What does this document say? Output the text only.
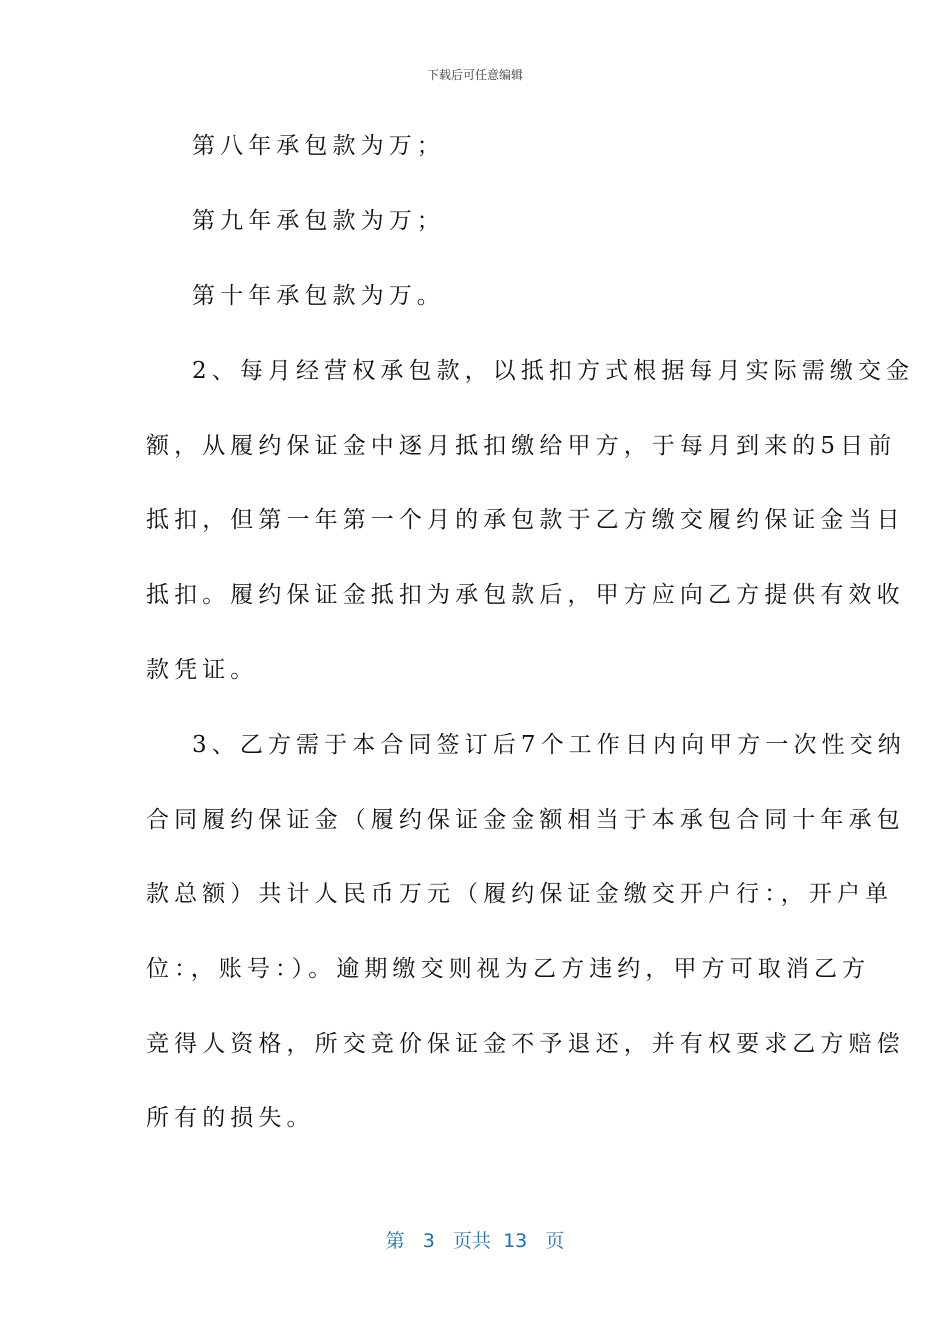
下载后可任意编辑
第八年承包款为万；
第九年承包款为万；
第十年承包款为万。
2、每月经营权承包款，以抵扣方式根据每月实际需缴交金
额，从履约保证金中逐月抵扣缴给甲方，于每月到来的5日前
抵扣，但第一年第一个月的承包款于乙方缴交履约保证金当日
抵扣。履约保证金抵扣为承包款后，甲方应向乙方提供有效收
款凭证。
3、乙方需于本合同签订后7个工作日内向甲方一次性交纳
合同履约保证金（履约保证金金额相当于本承包合同十年承包
款总额）共计人民币万元（履约保证金缴交开户行：，开户单
位：，账号：）。逾期缴交则视为乙方违约，甲方可取消乙方
竞得人资格，所交竞价保证金不予退还，并有权要求乙方赔偿
所有的损失。
第 3 页共 13 页
